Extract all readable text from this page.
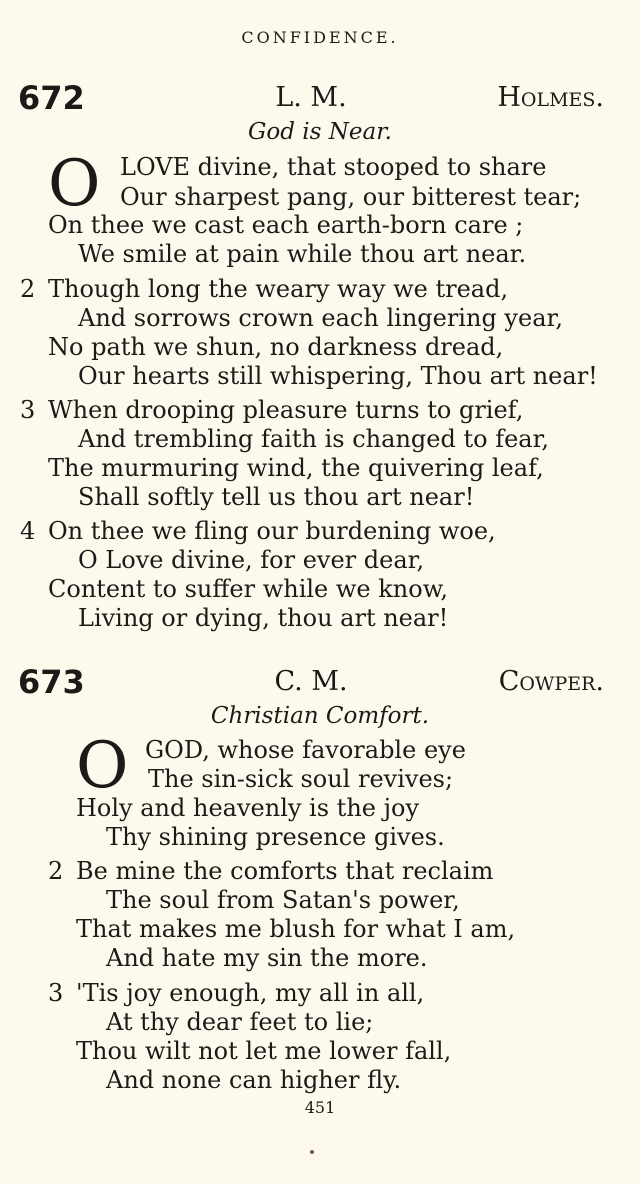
CONFIDENCE.
672	L. M.	Holmes.
God is Near.
O LOVE divine, that stooped to share
Our sharpest pang, our bitterest tear;
On thee we cast each earth-born care ;
We smile at pain while thou art near.
2 Though long the weary way we tread,
And sorrows crown each lingering year,
No path we shun, no darkness dread,
Our hearts still whispering, Thou art near!
3 When drooping pleasure turns to grief,
And trembling faith is changed to fear,
The murmuring wind, the quivering leaf,
Shall softly tell us thou art near!
4 On thee we fling our burdening woe,
O Love divine, for ever dear,
Content to suffer while we know,
Living or dying, thou art near!
673	C. M.	Cowper.
Christian Comfort.
O GOD, whose favorable eye
The sin-sick soul revives;
Holy and heavenly is the joy
Thy shining presence gives.
2 Be mine the comforts that reclaim
The soul from Satan's power,
That makes me blush for what I am,
And hate my sin the more.
3 'Tis joy enough, my all in all,
At thy dear feet to lie;
Thou wilt not let me lower fall,
And none can higher fly.
451
